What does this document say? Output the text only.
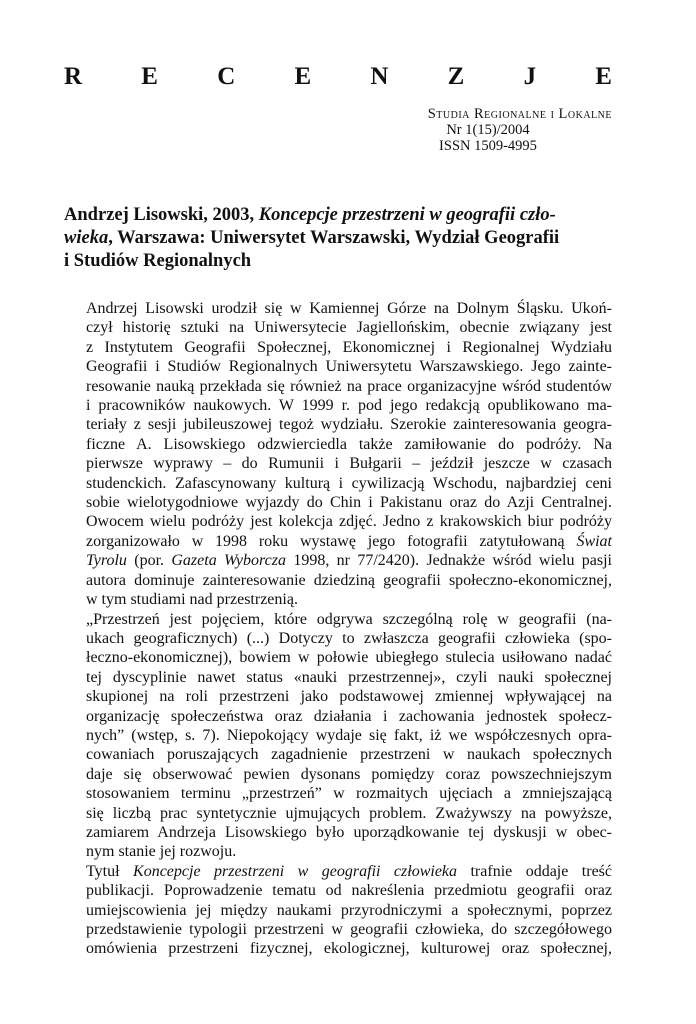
R E C E N Z J E
Studia Regionalne i Lokalne
Nr 1(15)/2004
ISSN 1509-4995
Andrzej Lisowski, 2003, Koncepcje przestrzeni w geografii czło-
wieka, Warszawa: Uniwersytet Warszawski, Wydział Geografii
i Studiów Regionalnych

Andrzej Lisowski urodził się w Kamiennej Górze na Dolnym Śląsku. Ukoń-
czył historię sztuki na Uniwersytecie Jagiellońskim, obecnie związany jest
z Instytutem Geografii Społecznej, Ekonomicznej i Regionalnej Wydziału
Geografii i Studiów Regionalnych Uniwersytetu Warszawskiego. Jego zainte-
resowanie nauką przekłada się również na prace organizacyjne wśród studentów
i pracowników naukowych. W 1999 r. pod jego redakcją opublikowano ma-
teriały z sesji jubileuszowej tegoż wydziału. Szerokie zainteresowania geogra-
ficzne A. Lisowskiego odzwierciedla także zamiłowanie do podróży. Na
pierwsze wyprawy – do Rumunii i Bułgarii – jeździł jeszcze w czasach
studenckich. Zafascynowany kulturą i cywilizacją Wschodu, najbardziej ceni
sobie wielotygodniowe wyjazdy do Chin i Pakistanu oraz do Azji Centralnej.
Owocem wielu podróży jest kolekcja zdjęć. Jedno z krakowskich biur podróży
zorganizowało w 1998 roku wystawę jego fotografii zatytułowaną Świat
Tyrolu (por. Gazeta Wyborcza 1998, nr 77/2420). Jednakże wśród wielu pasji
autora dominuje zainteresowanie dziedziną geografii społeczno-ekonomicznej,
w tym studiami nad przestrzenią.

„Przestrzeń jest pojęciem, które odgrywa szczególną rolę w geografii (na-
ukach geograficznych) (...) Dotyczy to zwłaszcza geografii człowieka (spo-
łeczno-ekonomicznej), bowiem w połowie ubiegłego stulecia usiłowano nadać
tej dyscyplinie nawet status «nauki przestrzennej», czyli nauki społecznej
skupionej na roli przestrzeni jako podstawowej zmiennej wpływającej na
organizację społeczeństwa oraz działania i zachowania jednostek społecz-
nych” (wstęp, s. 7). Niepokojący wydaje się fakt, iż we współczesnych opra-
cowaniach poruszających zagadnienie przestrzeni w naukach społecznych
daje się obserwować pewien dysonans pomiędzy coraz powszechniejszym
stosowaniem terminu „przestrzeń” w rozmaitych ujęciach a zmniejszającą
się liczbą prac syntetycznie ujmujących problem. Zważywszy na powyższe,
zamiarem Andrzeja Lisowskiego było uporządkowanie tej dyskusji w obec-
nym stanie jej rozwoju.

Tytuł Koncepcje przestrzeni w geografii człowieka trafnie oddaje treść
publikacji. Poprowadzenie tematu od nakreślenia przedmiotu geografii oraz
umiejscowienia jej między naukami przyrodniczymi a społecznymi, poprzez
przedstawienie typologii przestrzeni w geografii człowieka, do szczegółowego
omówienia przestrzeni fizycznej, ekologicznej, kulturowej oraz społecznej,
